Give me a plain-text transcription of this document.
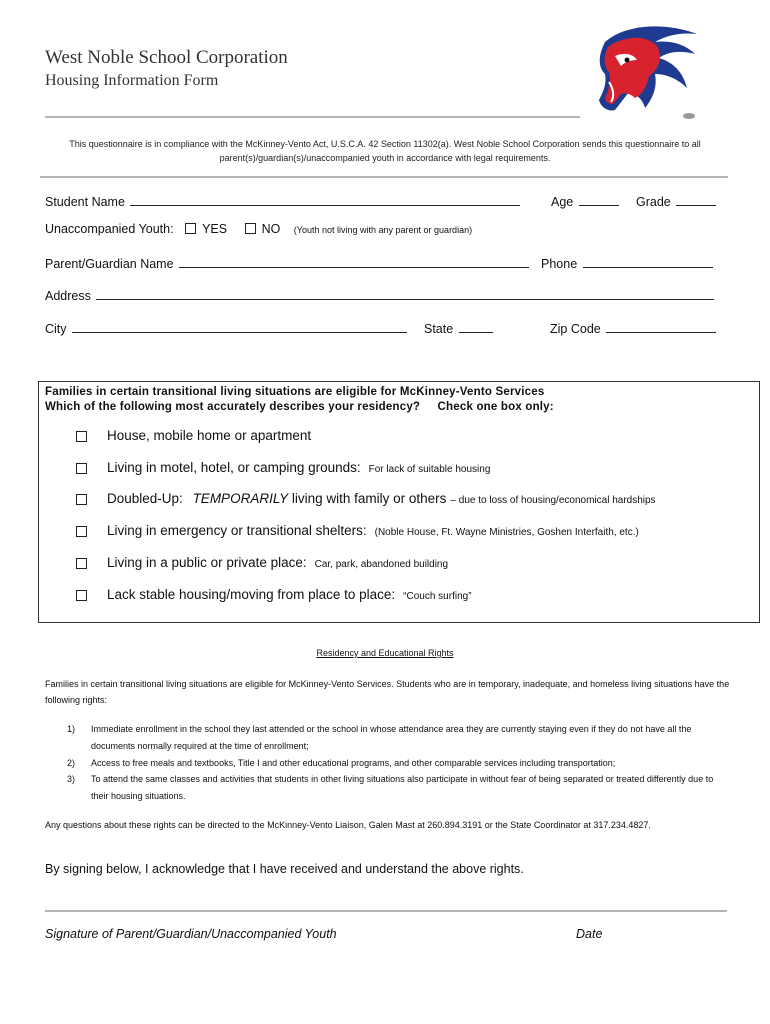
West Noble School Corporation
Housing Information Form
This questionnaire is in compliance with the McKinney-Vento Act, U.S.C.A. 42 Section 11302(a). West Noble School Corporation sends this questionnaire to all parent(s)/guardian(s)/unaccompanied youth in accordance with legal requirements.
Student Name	Age	Grade
Unaccompanied Youth: YES	NO (Youth not living with any parent or guardian)
Parent/Guardian Name	Phone
Address
City	State	Zip Code
Families in certain transitional living situations are eligible for McKinney-Vento Services
Which of the following most accurately describes your residency? Check one box only:
House, mobile home or apartment
Living in motel, hotel, or camping grounds: For lack of suitable housing
Doubled-Up: TEMPORARILY living with family or others – due to loss of housing/economical hardships
Living in emergency or transitional shelters: (Noble House, Ft. Wayne Ministries, Goshen Interfaith, etc.)
Living in a public or private place: Car, park, abandoned building
Lack stable housing/moving from place to place: “Couch surfing”
Residency and Educational Rights
Families in certain transitional living situations are eligible for McKinney-Vento Services. Students who are in temporary, inadequate, and homeless living situations have the following rights:
1) Immediate enrollment in the school they last attended or the school in whose attendance area they are currently staying even if they do not have all the documents normally required at the time of enrollment;
2) Access to free meals and textbooks, Title I and other educational programs, and other comparable services including transportation;
3) To attend the same classes and activities that students in other living situations also participate in without fear of being separated or treated differently due to their housing situations.
Any questions about these rights can be directed to the McKinney-Vento Liaison, Galen Mast at 260.894.3191 or the State Coordinator at 317.234.4827.
By signing below, I acknowledge that I have received and understand the above rights.
Signature of Parent/Guardian/Unaccompanied Youth	Date
